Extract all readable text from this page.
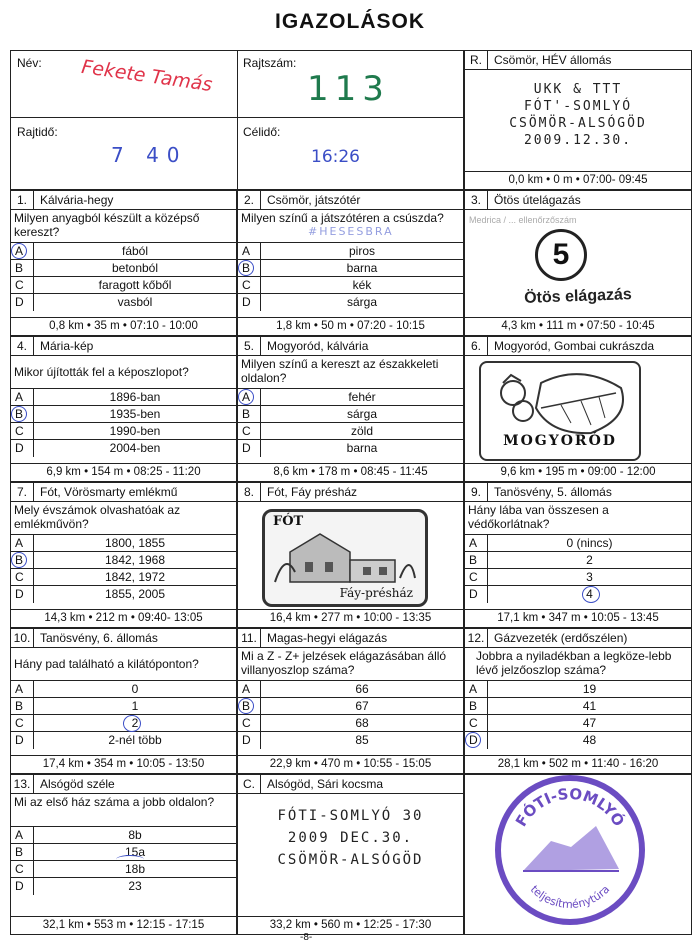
IGAZOLÁSOK
Név: Fekete Tamás Rajtszám:
113
Rajtidő:
7 40
Célidő:
16:26
R.	Csömör, HÉV állomás
UKK & TTT
FÓT'-SOMLYÓ
CSÖMÖR-ALSÓGÖD
2009.12.30.
0,0 km • 0 m • 07:00- 09:45
1.	Kálvária-hegy
Milyen anyagból készült a középső kereszt?
A	fából
B	betonból
C	faragott kőből
D	vasból
0,8 km • 35 m • 07:10 - 10:00
2.	Csömör, játszótér
Milyen színű a játszótéren a csúszda?
#HESESBRA
A	piros
B	barna
C	kék
D	sárga
1,8 km • 50 m • 07:20 - 10:15
3.	Ötös útelágazás
Medrica / ... ellenőrzőszám
5
Ötös elágazás
4,3 km • 111 m • 07:50 - 10:45
4.	Mária-kép
Mikor újították fel a képoszlopot?
A	1896-ban
B	1935-ben
C	1990-ben
D	2004-ben
6,9 km • 154 m • 08:25 - 11:20
5.	Mogyoród, kálvária
Milyen színű a kereszt az északkeleti oldalon?
A	fehér
B	sárga
C	zöld
D	barna
8,6 km • 178 m • 08:45 - 11:45
6.	Mogyoród, Gombai cukrászda
MOGYORÓD
9,6 km • 195 m • 09:00 - 12:00
7.	Fót, Vörösmarty emlékmű
Mely évszámok olvashatóak az emlékművön?
A	1800, 1855
B	1842, 1968
C	1842, 1972
D	1855, 2005
14,3 km • 212 m • 09:40- 13:05
8.	Fót, Fáy présház
FÓT
Fáy-présház
16,4 km • 277 m • 10:00 - 13:35
9.	Tanösvény, 5. állomás
Hány lába van összesen a védőkorlátnak?
A	0 (nincs)
B	2
C	3
D	4
17,1 km • 347 m • 10:05 - 13:45
10. Tanösvény, 6. állomás
Hány pad található a kilátóponton?
A	0
B	1
C	2
D	2-nél több
17,4 km • 354 m • 10:05 - 13:50
11. Magas-hegyi elágazás
Mi a Z - Z+ jelzések elágazásában álló villanyoszlop száma?
A	66
B	67
C	68
D	85
22,9 km • 470 m • 10:55 - 15:05
12. Gázvezeték (erdőszélen)
Jobbra a nyiladékban a legköze-lebb lévő jelzőoszlop száma?
A	19
B	41
C	47
D	48
28,1 km • 502 m • 11:40 - 16:20
13. Alsógöd széle
Mi az első ház száma a jobb oldalon?
A	8b
B	15a
C	18b
D	23
32,1 km • 553 m • 12:15 - 17:15
C.	Alsógöd, Sári kocsma
FÓTI-SOMLYÓ 30
2009 DEC.30.
CSÖMÖR-ALSÓGÖD
33,2 km • 560 m • 12:25 - 17:30
FÓTI-SOMLYÓ
teljesítménytúra
-8-
